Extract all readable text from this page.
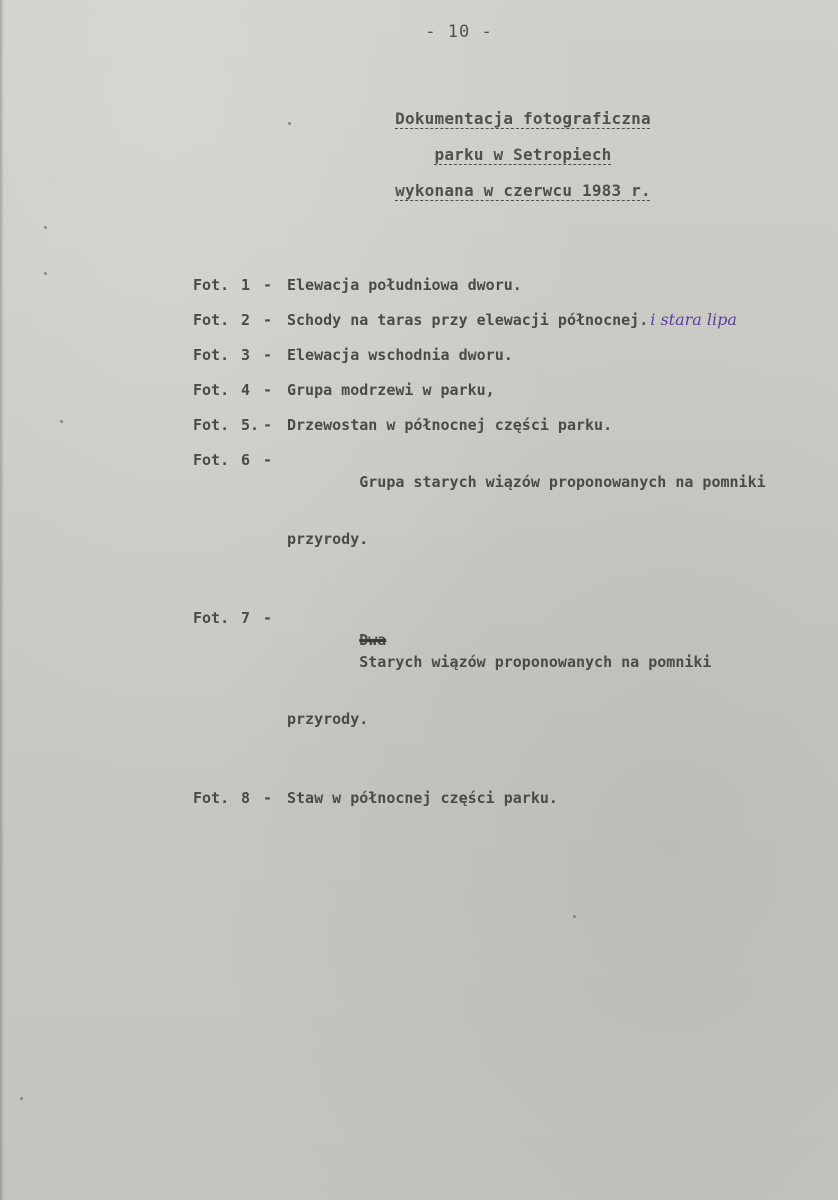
- 10 -
Dokumentacja fotograficzna
parku w Setropiech
wykonana w czerwcu 1983 r.
Fot. 1 - Elewacja południowa dworu.
Fot. 2 - Schody na taras przy elewacji północnej. i stara lipa
Fot. 3 - Elewacja wschodnia dworu.
Fot. 4 - Grupa modrzewi w parku,
Fot. 5. - Drzewostan w północnej części parku.
Fot. 6 -

Grupa starych wiązów proponowanych na pomniki

przyrody.

Fot. 7 -

Dwa
Starych wiązów proponowanych na pomniki

przyrody.

Fot. 8 - Staw w północnej części parku.
